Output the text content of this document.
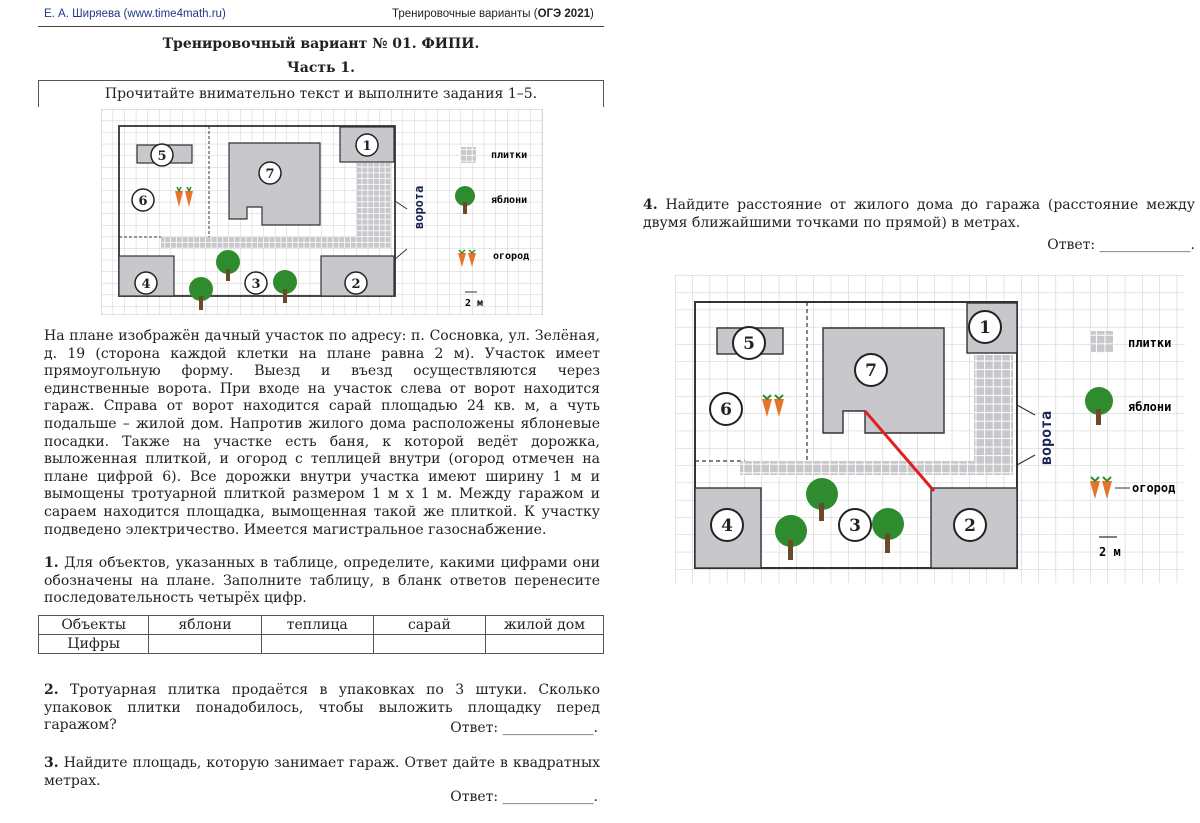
Е. А. Ширяева (www.time4math.ru)	Тренировочные варианты (ОГЭ 2021)
Тренировочный вариант № 01. ФИПИ.
Часть 1.
Прочитайте внимательно текст и выполните задания 1–5.
ворота
5
1
7
6
4	3	2
плитки
яблони
огород
2 м
На плане изображён дачный участок по адресу: п. Сосновка, ул. Зелёная, д. 19 (сторона каждой клетки на плане равна 2 м). Участок имеет прямоугольную форму. Выезд и въезд осуществляются через единственные ворота. При входе на участок слева от ворот находится гараж. Справа от ворот находится сарай площадью 24 кв. м, а чуть подальше – жилой дом. Напротив жилого дома расположены яблоневые посадки. Также на участке есть баня, к которой ведёт дорожка, выложенная плиткой, и огород с теплицей внутри (огород отмечен на плане цифрой 6). Все дорожки внутри участка имеют ширину 1 м и вымощены тротуарной плиткой размером 1 м х 1 м. Между гаражом и сараем находится площадка, вымощенная такой же плиткой. К участку подведено электричество. Имеется магистральное газоснабжение.
1. Для объектов, указанных в таблице, определите, какими цифрами они обозначены на плане. Заполните таблицу, в бланк ответов перенесите последовательность четырёх цифр.
Объекты	яблони	теплица	сарай	жилой дом
Цифры				
2. Тротуарная плитка продаётся в упаковках по 3 штуки. Сколько упаковок плитки понадобилось, чтобы выложить площадку перед гаражом?	Ответ: _____________.
3. Найдите площадь, которую занимает гараж. Ответ дайте в квадратных метрах.
Ответ: _____________.
4. Найдите расстояние от жилого дома до гаража (расстояние между двумя ближайшими точками по прямой) в метрах.
Ответ: _____________.
ворота
5
1
7
6
4	3	2
плитки
яблони
огород
2 м
